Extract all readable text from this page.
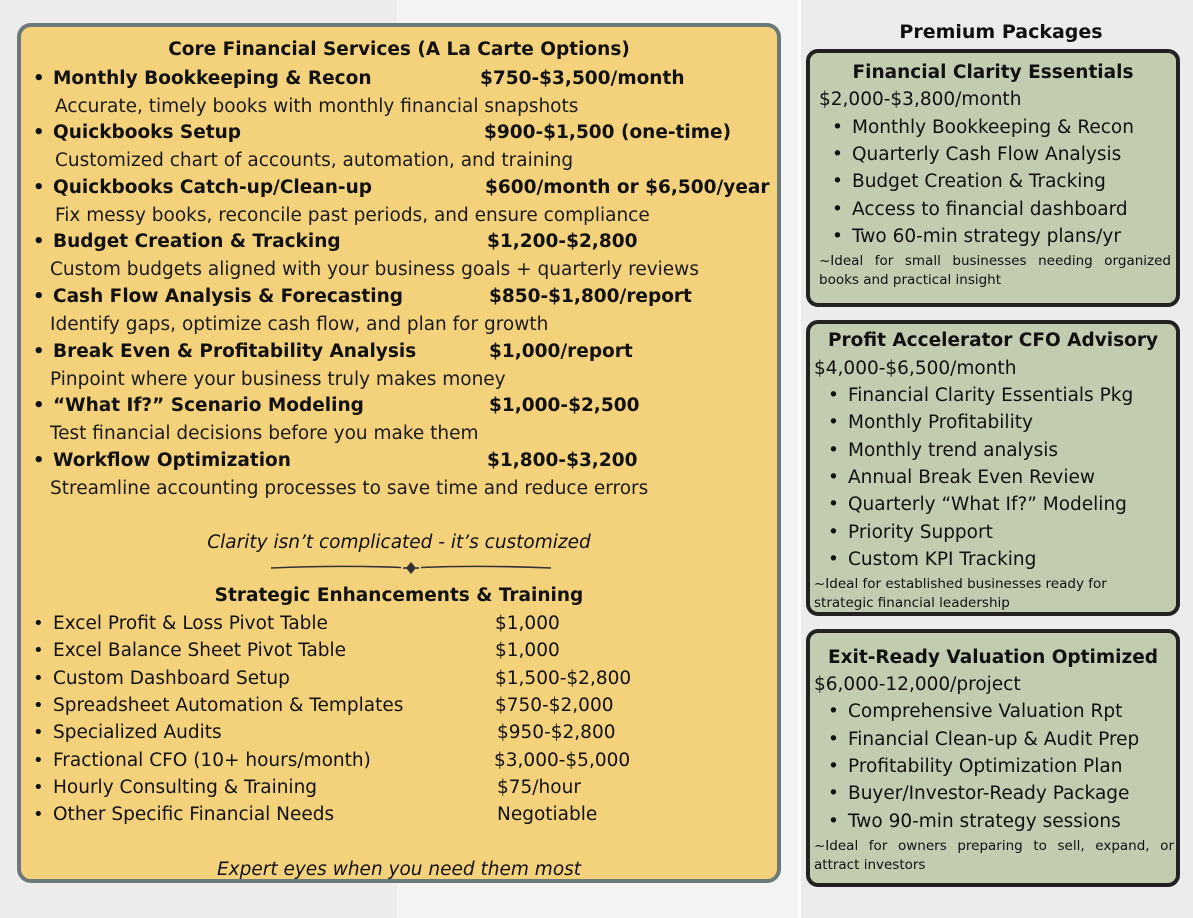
Core Financial Services (A La Carte Options)
• Monthly Bookkeeping & Recon	$750-$3,500/month
Accurate, timely books with monthly financial snapshots
• Quickbooks Setup	$900-$1,500 (one-time)
Customized chart of accounts, automation, and training
• Quickbooks Catch-up/Clean-up	$600/month or $6,500/year
Fix messy books, reconcile past periods, and ensure compliance
• Budget Creation & Tracking	$1,200-$2,800
Custom budgets aligned with your business goals + quarterly reviews
• Cash Flow Analysis & Forecasting	$850-$1,800/report
Identify gaps, optimize cash flow, and plan for growth
• Break Even & Profitability Analysis	$1,000/report
Pinpoint where your business truly makes money
• “What If?” Scenario Modeling	$1,000-$2,500
Test financial decisions before you make them
• Workflow Optimization	$1,800-$3,200
Streamline accounting processes to save time and reduce errors
Clarity isn’t complicated - it’s customized
Strategic Enhancements & Training
• Excel Profit & Loss Pivot Table	$1,000
• Excel Balance Sheet Pivot Table	$1,000
• Custom Dashboard Setup	$1,500-$2,800
• Spreadsheet Automation & Templates	$750-$2,000
• Specialized Audits	$950-$2,800
• Fractional CFO (10+ hours/month)	$3,000-$5,000
• Hourly Consulting & Training	$75/hour
• Other Specific Financial Needs	Negotiable
Expert eyes when you need them most
Premium Packages
Financial Clarity Essentials
$2,000-$3,800/month
• Monthly Bookkeeping & Recon
• Quarterly Cash Flow Analysis
• Budget Creation & Tracking
• Access to financial dashboard
• Two 60-min strategy plans/yr
~Ideal for small businesses needing organized books and practical insight
Profit Accelerator CFO Advisory
$4,000-$6,500/month
• Financial Clarity Essentials Pkg
• Monthly Profitability
• Monthly trend analysis
• Annual Break Even Review
• Quarterly “What If?” Modeling
• Priority Support
• Custom KPI Tracking
~Ideal for established businesses ready for strategic financial leadership
Exit-Ready Valuation Optimized
$6,000-12,000/project
• Comprehensive Valuation Rpt
• Financial Clean-up & Audit Prep
• Profitability Optimization Plan
• Buyer/Investor-Ready Package
• Two 90-min strategy sessions
~Ideal for owners preparing to sell, expand, or attract investors
